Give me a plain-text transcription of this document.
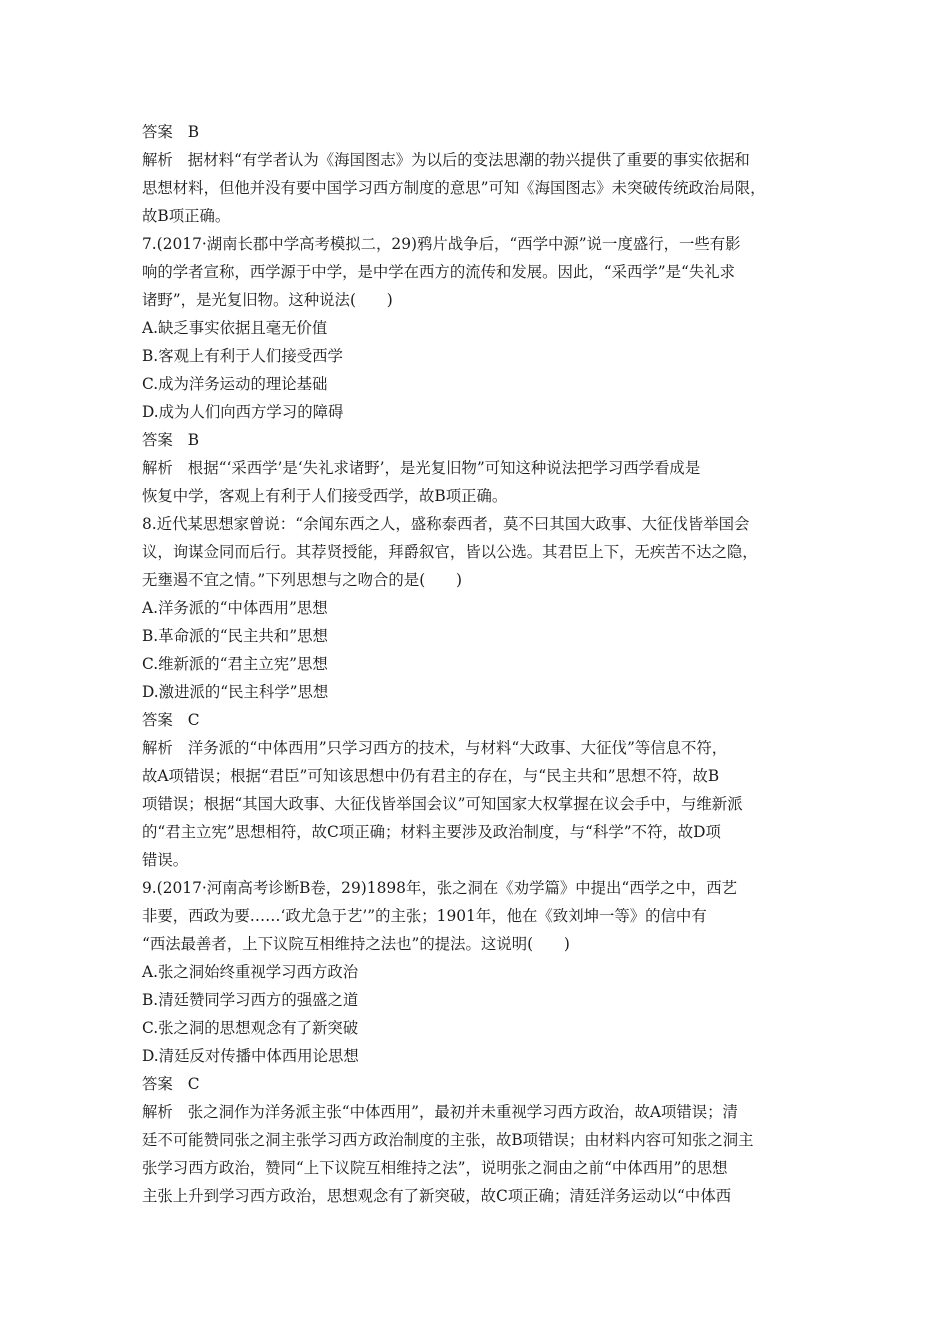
答案 B
解析 据材料“有学者认为《海国图志》为以后的变法思潮的勃兴提供了重要的事实依据和
思想材料，但他并没有要中国学习西方制度的意思”可知《海国图志》未突破传统政治局限，
故B项正确。
7.(2017·湖南长郡中学高考模拟二，29)鸦片战争后，“西学中源”说一度盛行，一些有影
响的学者宣称，西学源于中学，是中学在西方的流传和发展。因此，“采西学”是“失礼求
诸野”，是光复旧物。这种说法(　　)
A.缺乏事实依据且毫无价值
B.客观上有利于人们接受西学
C.成为洋务运动的理论基础
D.成为人们向西方学习的障碍
答案 B
解析 根据“‘采西学’是‘失礼求诸野’，是光复旧物”可知这种说法把学习西学看成是
恢复中学，客观上有利于人们接受西学，故B项正确。
8.近代某思想家曾说：“余闻东西之人，盛称泰西者，莫不曰其国大政事、大征伐皆举国会
议，询谋佥同而后行。其荐贤授能，拜爵叙官，皆以公选。其君臣上下，无疾苦不达之隐，
无壅遏不宜之情。”下列思想与之吻合的是(　　)
A.洋务派的“中体西用”思想
B.革命派的“民主共和”思想
C.维新派的“君主立宪”思想
D.激进派的“民主科学”思想
答案 C
解析 洋务派的“中体西用”只学习西方的技术，与材料“大政事、大征伐”等信息不符，
故A项错误；根据“君臣”可知该思想中仍有君主的存在，与“民主共和”思想不符，故B
项错误；根据“其国大政事、大征伐皆举国会议”可知国家大权掌握在议会手中，与维新派
的“君主立宪”思想相符，故C项正确；材料主要涉及政治制度，与“科学”不符，故D项
错误。
9.(2017·河南高考诊断B卷，29)1898年，张之洞在《劝学篇》中提出“西学之中，西艺
非要，西政为要……‘政尤急于艺’”的主张；1901年，他在《致刘坤一等》的信中有
“西法最善者，上下议院互相维持之法也”的提法。这说明(　　)
A.张之洞始终重视学习西方政治
B.清廷赞同学习西方的强盛之道
C.张之洞的思想观念有了新突破
D.清廷反对传播中体西用论思想
答案 C
解析 张之洞作为洋务派主张“中体西用”，最初并未重视学习西方政治，故A项错误；清
廷不可能赞同张之洞主张学习西方政治制度的主张，故B项错误；由材料内容可知张之洞主
张学习西方政治，赞同“上下议院互相维持之法”，说明张之洞由之前“中体西用”的思想
主张上升到学习西方政治，思想观念有了新突破，故C项正确；清廷洋务运动以“中体西
